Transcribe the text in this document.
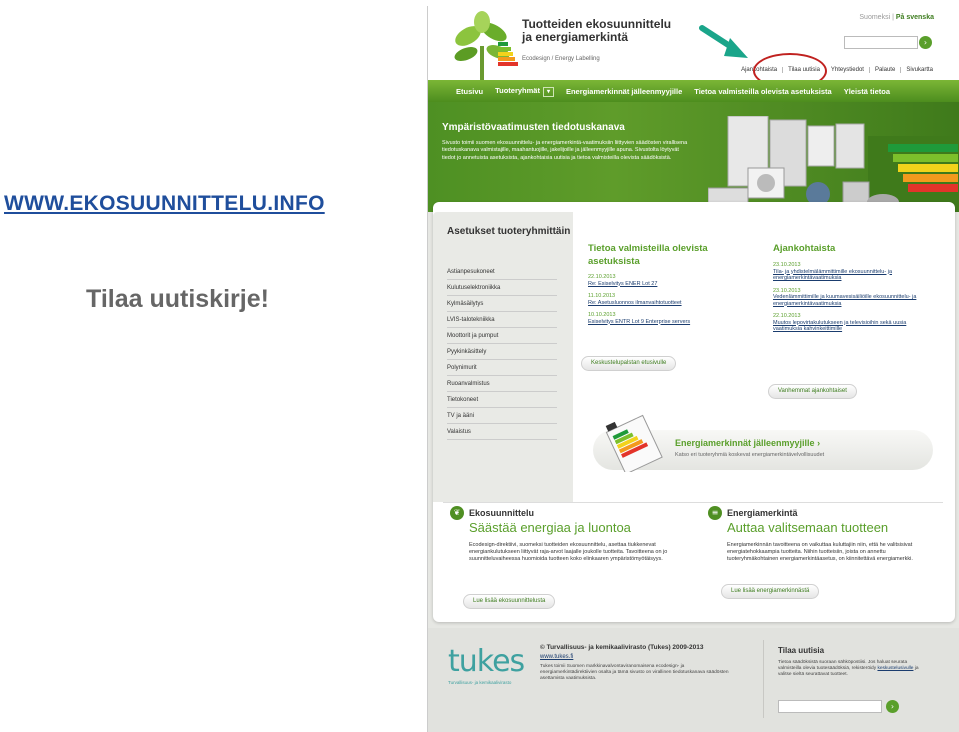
WWW.EKOSUUNNITTELU.INFO
Tilaa uutiskirje!
Tuotteiden ekosuunnittelu ja energiamerkintä
Ecodesign / Energy Labelling
Suomeksi | På svenska
›
Ajankohtaista	Tilaa uutisia	Yhteystiedot	Palaute	Sivukartta
Etusivu Tuoteryhmät ▾	Energiamerkinnät jälleenmyyjille Tietoa valmisteilla olevista asetuksista Yleistä tietoa
Ympäristövaatimusten tiedotuskanava
Sivusto toimii suomen ekosuunnittelu- ja energiamerkintä-vaatimuksiin liittyvien säädösten virallisena tiedotuskanava valmistajille, maahantuojille, jakelijoille ja jälleenmyyjille apuna. Sivustolta löytyvät tiedot jo annetuista asetuksista, ajankohtaisia uutisia ja tietoa valmisteilla olevista säädöksistä.
Asetukset tuoteryhmittäin
Astianpesukoneet
Kulutuselektroniikka
Kylmäsäilytys
LVIS-talotekniikka
Moottorit ja pumput
Pyykinkäsittely
Polynimurit
Ruoanvalmistus
Tietokoneet
TV ja ääni
Valaistus
Tietoa valmisteilla olevista asetuksista
22.10.2013
Re: Esiselvitys ENER Lot 27
11.10.2013
Re: Asetusluonnos ilmanvaihtotuotteet
10.10.2013
Esiselvitys ENTR Lot 9 Enterprise servers
Keskustelupalstan etusivulle
Ajankohtaista
23.10.2013
Tila- ja yhdistelmälämmittimille ekosuunnittelu- ja energiamerkintävaatimuksia
23.10.2013
Vedenlämmittimille ja kuumavesisäiliöille ekosuunnittelu- ja energiamerkintävaatimuksia
22.10.2013
Muutos lepovirtakulutukseen ja televisioihin sekä uusia vaatimuksia kahvinkeittimille
Vanhemmat ajankohtaiset
Energiamerkinnät jälleenmyyjille ›
Katso eri tuoteryhmiä koskevat energiamerkintävelvollisuudet
❦ Ekosuunnittelu
Säästää energiaa ja luontoa
Ecodesign-direktiivi, suomeksi tuotteiden ekosuunnittelu, asettaa tiukkenevat energiankulutukseen liittyvät raja-arvot laajalle joukolle tuotteita. Tavoitteena on jo suunnitteluvaiheessa huomioida tuotteen koko elinkaaren ympäristömyötäisyys.
Lue lisää ekosuunnittelusta
≡ Energiamerkintä
Auttaa valitsemaan tuotteen
Energiamerkinnän tavoitteena on vaikuttaa kuluttajiin niin, että he valitsisivat energiatehokkaampia tuotteita. Niihin tuotteisiin, joista on annettu tuoteryhmäkohtainen energiamerkintäasetus, on kiinnitettävä energiamerkki.
Lue lisää energiamerkinnästä
tukes
Turvallisuus- ja kemikaalivirasto
© Turvallisuus- ja kemikaalivirasto (Tukes) 2009-2013
www.tukes.fi
Tukes toimii Suomen markkinavalvontaviranomaisena ecodesign- ja energiamerkintädirektiivien osalta ja tämä sivusto on virallinen tiedotuskanava säädösten asettamista vaatimuksista.
Tilaa uutisia
Tietoa säädöksistä suoraan sähköpostiisi. Jos haluat seurata valmisteilla olevia tuotesäädöksiä, rekisteröidy keskustelusivulle ja valitse sieltä seurattavat tuotteet.
›
